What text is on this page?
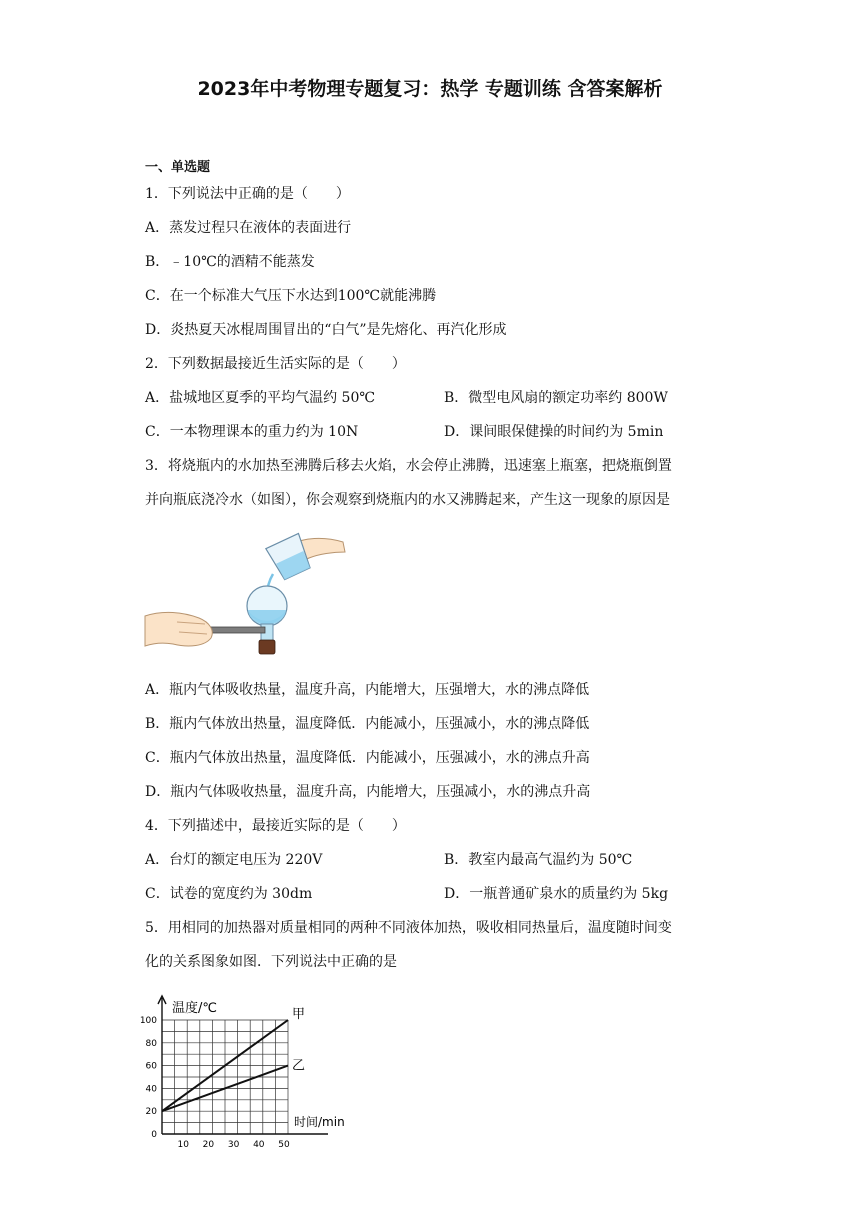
2023年中考物理专题复习：热学 专题训练 含答案解析
一、单选题
1．下列说法中正确的是（　　）
A．蒸发过程只在液体的表面进行
B．﹣10℃的酒精不能蒸发
C．在一个标准大气压下水达到100℃就能沸腾
D．炎热夏天冰棍周围冒出的“白气”是先熔化、再汽化形成
2．下列数据最接近生活实际的是（　　）
A．盐城地区夏季的平均气温约 50℃	B．微型电风扇的额定功率约 800W
C．一本物理课本的重力约为 10N	D．课间眼保健操的时间约为 5min
3．将烧瓶内的水加热至沸腾后移去火焰，水会停止沸腾，迅速塞上瓶塞，把烧瓶倒置
并向瓶底浇冷水（如图），你会观察到烧瓶内的水又沸腾起来，产生这一现象的原因是
A．瓶内气体吸收热量，温度升高，内能增大，压强增大，水的沸点降低
B．瓶内气体放出热量，温度降低．内能减小，压强减小，水的沸点降低
C．瓶内气体放出热量，温度降低．内能减小，压强减小，水的沸点升高
D．瓶内气体吸收热量，温度升高，内能增大，压强减小，水的沸点升高
4．下列描述中，最接近实际的是（　　）
A．台灯的额定电压为 220V	B．教室内最高气温约为 50℃
C．试卷的宽度约为 30dm	D．一瓶普通矿泉水的质量约为 5kg
5．用相同的加热器对质量相同的两种不同液体加热，吸收相同热量后，温度随时间变
化的关系图象如图．下列说法中正确的是
温度/℃
时间/min
0
20
40
60
80
100
10 20 30 40 50
甲
乙
